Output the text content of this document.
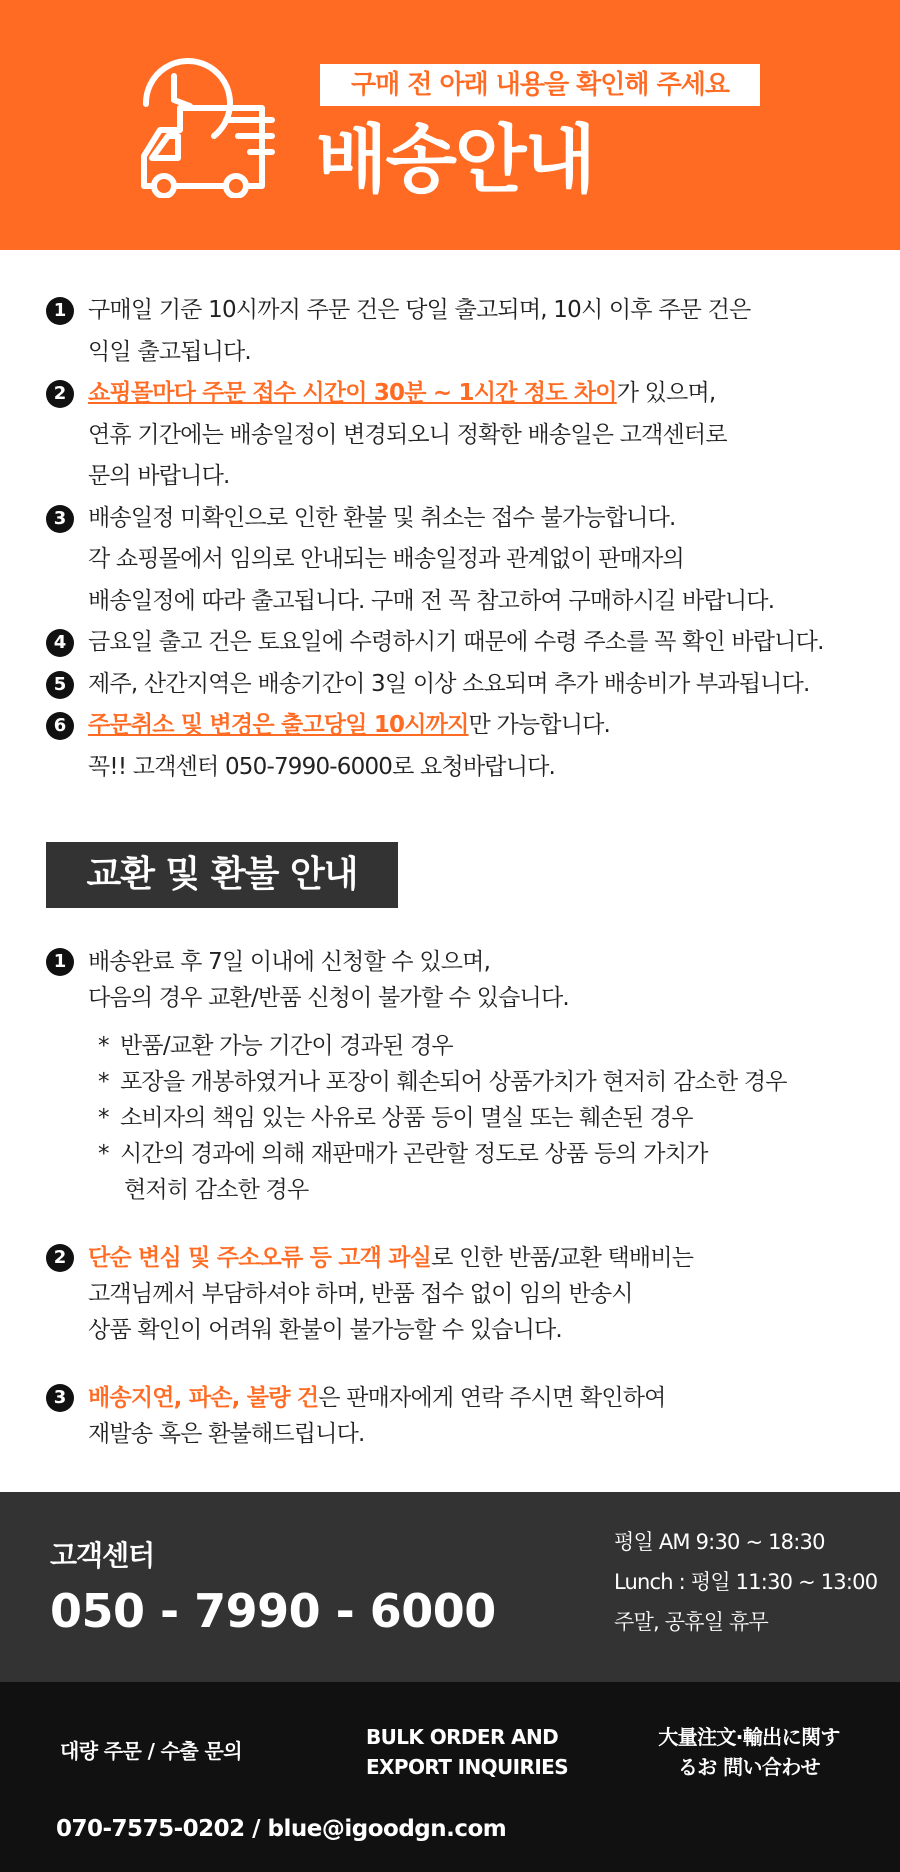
구매 전 아래 내용을 확인해 주세요
배송안내
1 구매일 기준 10시까지 주문 건은 당일 출고되며, 10시 이후 주문 건은
익일 출고됩니다.
2 쇼핑몰마다 주문 접수 시간이 30분 ~ 1시간 정도 차이가 있으며,
연휴 기간에는 배송일정이 변경되오니 정확한 배송일은 고객센터로
문의 바랍니다.
3 배송일정 미확인으로 인한 환불 및 취소는 접수 불가능합니다.
각 쇼핑몰에서 임의로 안내되는 배송일정과 관계없이 판매자의
배송일정에 따라 출고됩니다. 구매 전 꼭 참고하여 구매하시길 바랍니다.
4 금요일 출고 건은 토요일에 수령하시기 때문에 수령 주소를 꼭 확인 바랍니다.
5 제주, 산간지역은 배송기간이 3일 이상 소요되며 추가 배송비가 부과됩니다.
6 주문취소 및 변경은 출고당일 10시까지만 가능합니다.
꼭!! 고객센터 050-7990-6000로 요청바랍니다.
교환 및 환불 안내
1 배송완료 후 7일 이내에 신청할 수 있으며,
다음의 경우 교환/반품 신청이 불가할 수 있습니다.
* 반품/교환 가능 기간이 경과된 경우
* 포장을 개봉하였거나 포장이 훼손되어 상품가치가 현저히 감소한 경우
* 소비자의 책임 있는 사유로 상품 등이 멸실 또는 훼손된 경우
* 시간의 경과에 의해 재판매가 곤란할 정도로 상품 등의 가치가
현저히 감소한 경우
2 단순 변심 및 주소오류 등 고객 과실로 인한 반품/교환 택배비는
고객님께서 부담하셔야 하며, 반품 접수 없이 임의 반송시
상품 확인이 어려워 환불이 불가능할 수 있습니다.
3 배송지연, 파손, 불량 건은 판매자에게 연락 주시면 확인하여
재발송 혹은 환불해드립니다.
고객센터
050 - 7990 - 6000
평일 AM 9:30 ~ 18:30
Lunch : 평일 11:30 ~ 13:00
주말, 공휴일 휴무
대량 주문 / 수출 문의
BULK ORDER AND
EXPORT INQUIRIES
大量注文·輸出に関す
るお 問い合わせ
070-7575-0202 / blue@igoodgn.com
